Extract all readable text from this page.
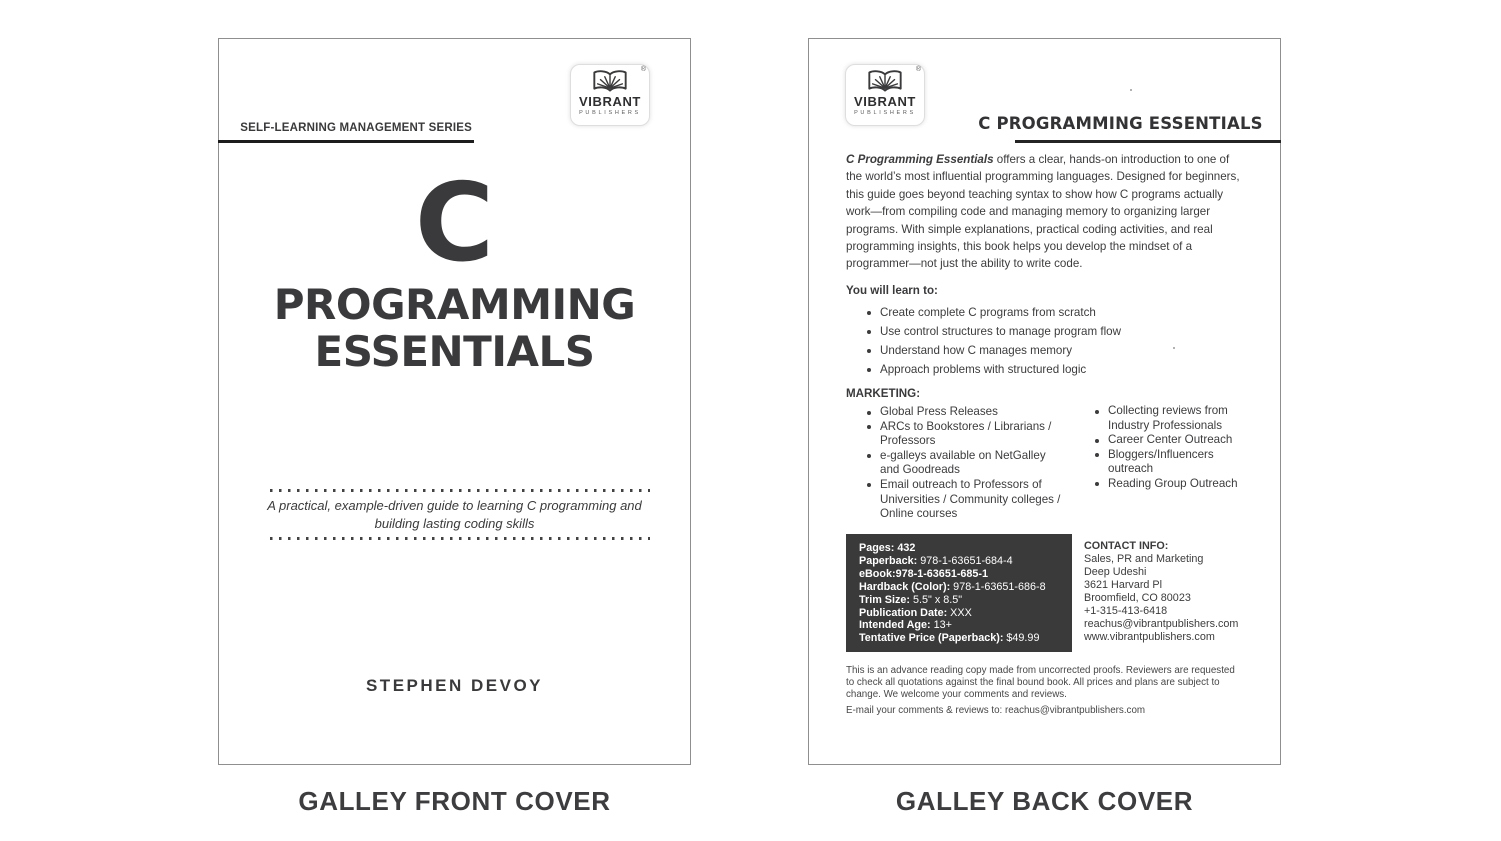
SELF-LEARNING MANAGEMENT SERIES
®
VIBRANT
PUBLISHERS
C
PROGRAMMING
ESSENTIALS
A practical, example-driven guide to learning C programming and
building lasting coding skills
STEPHEN DEVOY
GALLEY FRONT COVER
®
VIBRANT
PUBLISHERS
C PROGRAMMING ESSENTIALS

C Programming Essentials offers a clear, hands-on introduction to one of the world’s most influential programming languages. Designed for beginners, this guide goes beyond teaching syntax to show how C programs actually work—from compiling code and managing memory to organizing larger programs. With simple explanations, practical coding activities, and real programming insights, this book helps you develop the mindset of a programmer—not just the ability to write code.

You will learn to:
Create complete C programs from scratch
Use control structures to manage program flow
Understand how C manages memory
Approach problems with structured logic
MARKETING:
Global Press Releases
ARCs to Bookstores / Librarians / Professors
e-galleys available on NetGalley and Goodreads
Email outreach to Professors of Universities / Community colleges / Online courses
Collecting reviews from Industry Professionals
Career Center Outreach
Bloggers/Influencers outreach
Reading Group Outreach
Pages: 432
Paperback: 978-1-63651-684-4
eBook:978-1-63651-685-1
Hardback (Color): 978-1-63651-686-8
Trim Size: 5.5" x 8.5"
Publication Date: XXX
Intended Age: 13+
Tentative Price (Paperback): $49.99
CONTACT INFO:
Sales, PR and Marketing
Deep Udeshi
3621 Harvard Pl
Broomfield, CO 80023
+1-315-413-6418
reachus@vibrantpublishers.com
www.vibrantpublishers.com

This is an advance reading copy made from uncorrected proofs. Reviewers are requested to check all quotations against the final bound book. All prices and plans are subject to change. We welcome your comments and reviews.

E-mail your comments & reviews to: reachus@vibrantpublishers.com

GALLEY BACK COVER
